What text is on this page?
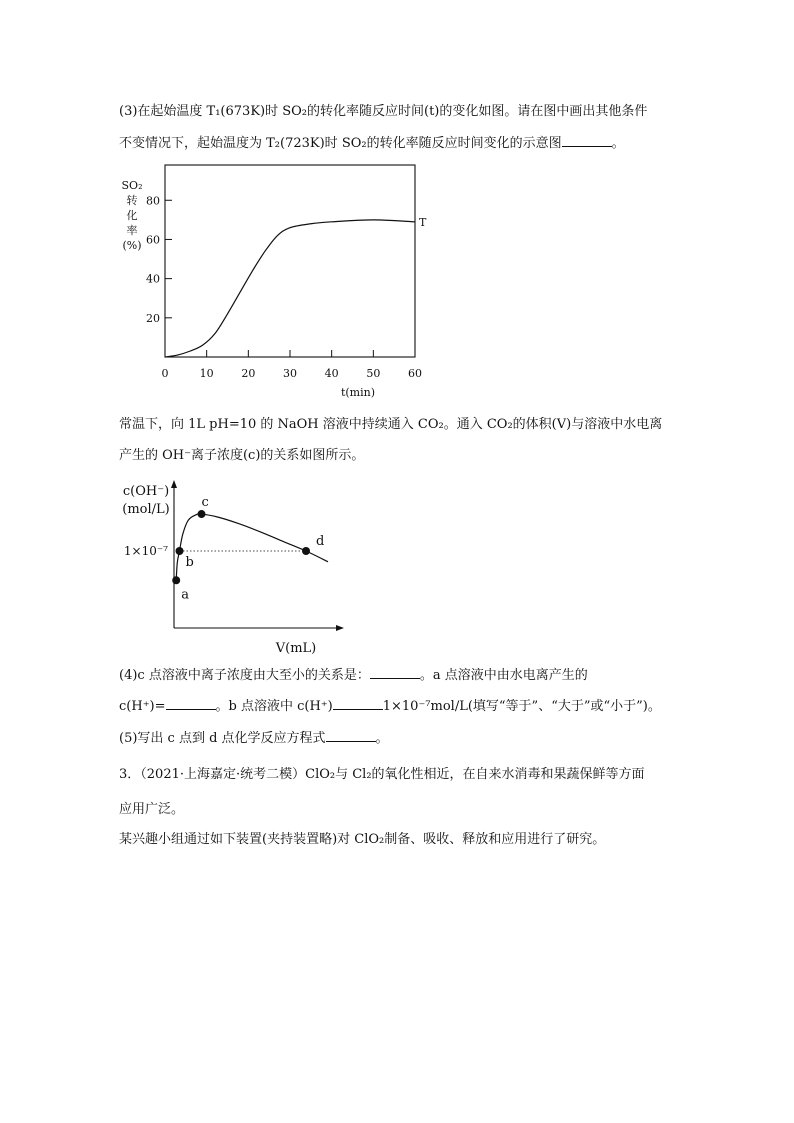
(3)在起始温度 T₁(673K)时 SO₂的转化率随反应时间(t)的变化如图。请在图中画出其他条件
不变情况下，起始温度为 T₂(723K)时 SO₂的转化率随反应时间变化的示意图	。
SO₂
转
化
率
(%)
20
40
60
80
0	10	20	30	40	50	60
t(min)
T
常温下，向 1L pH=10 的 NaOH 溶液中持续通入 CO₂。通入 CO₂的体积(V)与溶液中水电离
产生的 OH⁻离子浓度(c)的关系如图所示。
c(OH⁻)
(mol/L)
1×10⁻⁷
a
b
c
d
V(mL)
(4)c 点溶液中离子浓度由大至小的关系是：	。a 点溶液中由水电离产生的
c(H⁺)=	。b 点溶液中 c(H⁺)	1×10⁻⁷mol/L(填写“等于”、“大于”或“小于”)。
(5)写出 c 点到 d 点化学反应方程式	。
3．（2021·上海嘉定·统考二模）ClO₂与 Cl₂的氧化性相近，在自来水消毒和果蔬保鲜等方面
应用广泛。
某兴趣小组通过如下装置(夹持装置略)对 ClO₂制备、吸收、释放和应用进行了研究。
